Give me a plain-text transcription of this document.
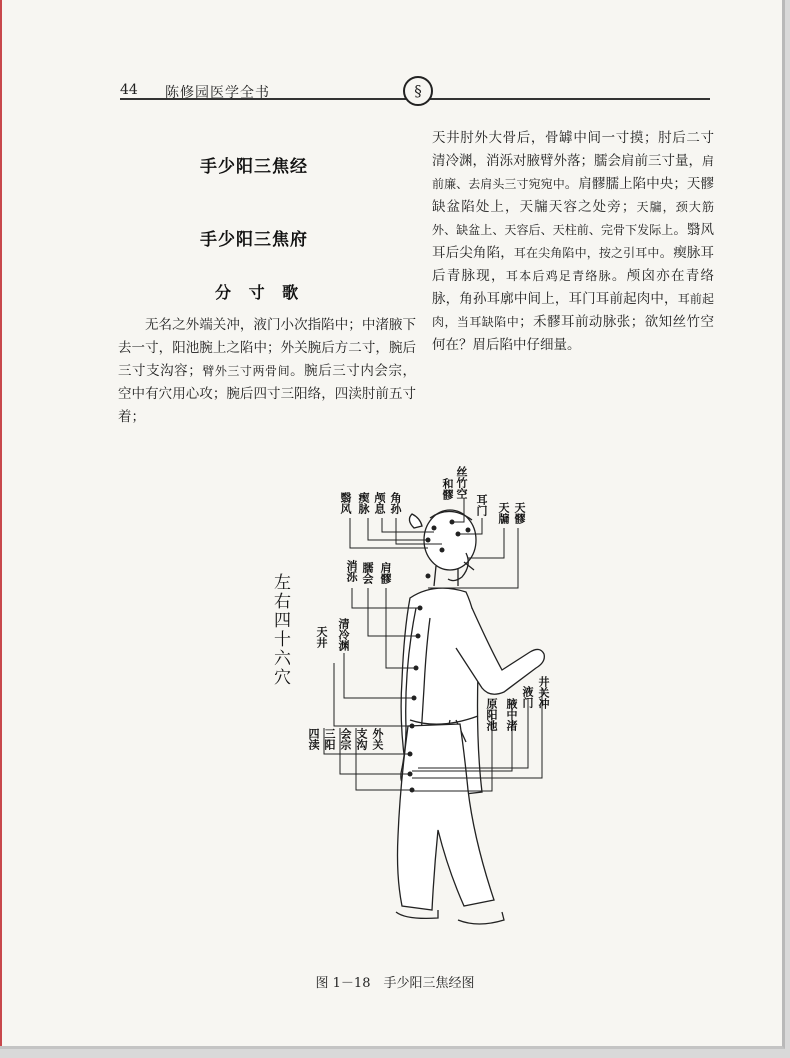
44 陈修园医学全书	§
手少阳三焦经
手少阳三焦府
分 寸 歌
无名之外端关冲，液门小次指陷中；中渚腋下去一寸，阳池腕上之陷中；外关腕后方二寸，腕后三寸支沟容；臂外三寸两骨间。腕后三寸内会宗，空中有穴用心攻；腕后四寸三阳络，四渎肘前五寸着；
天井肘外大骨后，骨罅中间一寸摸；肘后二寸清冷渊，消泺对腋臂外落；臑会肩前三寸量，肩前廉、去肩头三寸宛宛中。肩髎臑上陷中央；天髎缺盆陷处上，天牖天容之处旁；天牖，颈大筋外、缺盆上、天容后、天柱前、完骨下发际上。翳风耳后尖角陷，耳在尖角陷中，按之引耳中。瘈脉耳后青脉现，耳本后鸡足青络脉。颅囟亦在青络脉，角孙耳廓中间上，耳门耳前起肉中，耳前起肉，当耳缺陷中；禾髎耳前动脉张；欲知丝竹空何在？眉后陷中仔细量。
左右四十六穴
翳风 瘈脉 颅息 角孙
丝竹空
和髎
耳门 天牖 天髎
消泺 臑会 肩髎
清冷渊
天井
四渎 三阳 会宗 支沟 外关
原阳池 腋中渚
液门 井关冲
图 1－18　手少阳三焦经图
